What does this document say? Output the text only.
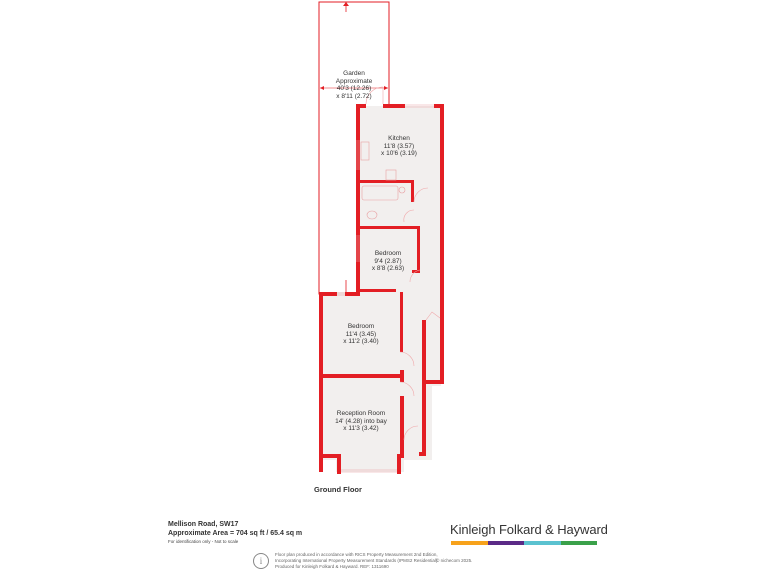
Garden
Approximate
40'3 (12.26)
x 8'11 (2.72)
Kitchen
11'8 (3.57)
x 10'6 (3.19)
Bedroom
9'4 (2.87)
x 8'8 (2.63)
Bedroom
11'4 (3.45)
x 11'2 (3.40)
Reception Room
14' (4.28) into bay
x 11'3 (3.42)
Ground Floor
Mellison Road, SW17
Approximate Area = 704 sq ft / 65.4 sq m
For identification only - Not to scale
Kinleigh Folkard & Hayward
i
Floor plan produced in accordance with RICS Property Measurement 2nd Edition,
Incorporating International Property Measurement Standards (IPMS2 Residential).
Produced for Kinleigh Folkard & Hayward. REF: 1311690
© nichecom 2025.
